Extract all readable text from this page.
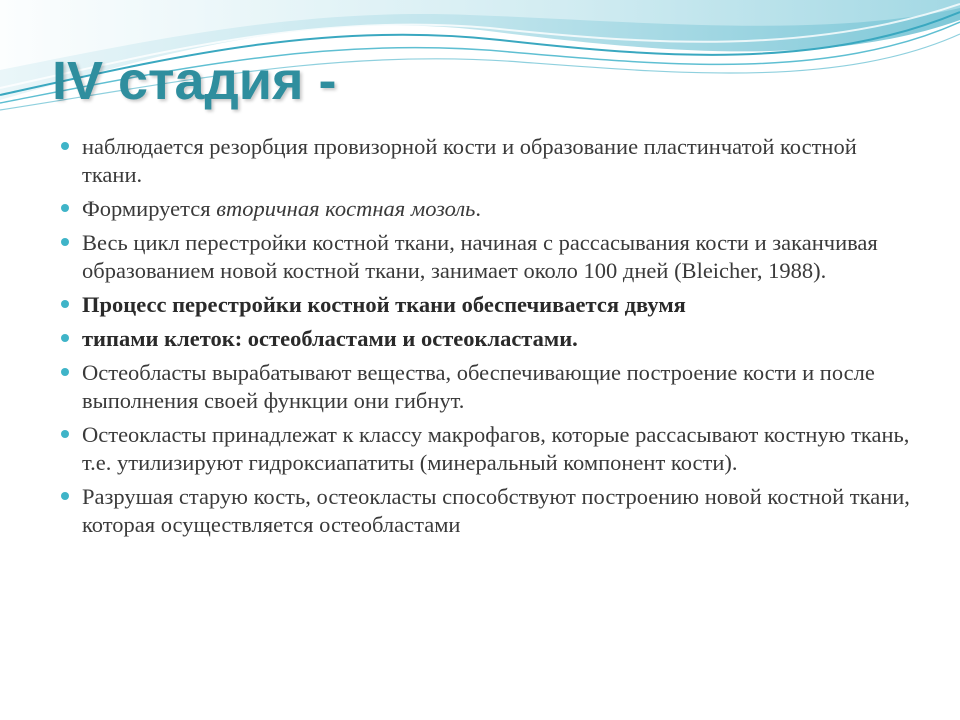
IV стадия -
наблюдается резорбция провизорной кости и образование пластинчатой костной ткани.
Формируется вторичная костная мозоль.
Весь цикл перестройки костной ткани, начиная с рассасывания кости и заканчивая образованием новой костной ткани, занимает около 100 дней (Bleicher, 1988).
Процесс перестройки костной ткани обеспечивается двумя
типами клеток: остеобластами и остеокластами.
Остеобласты вырабатывают вещества, обеспечивающие построение кости и после выполнения своей функции они гибнут.
Остеокласты принадлежат к классу макрофагов, которые рассасывают костную ткань, т.е. утилизируют гидроксиапатиты (минеральный компонент кости).
Разрушая старую кость, остеокласты способствуют построению новой костной ткани, которая осуществляется остеобластами
